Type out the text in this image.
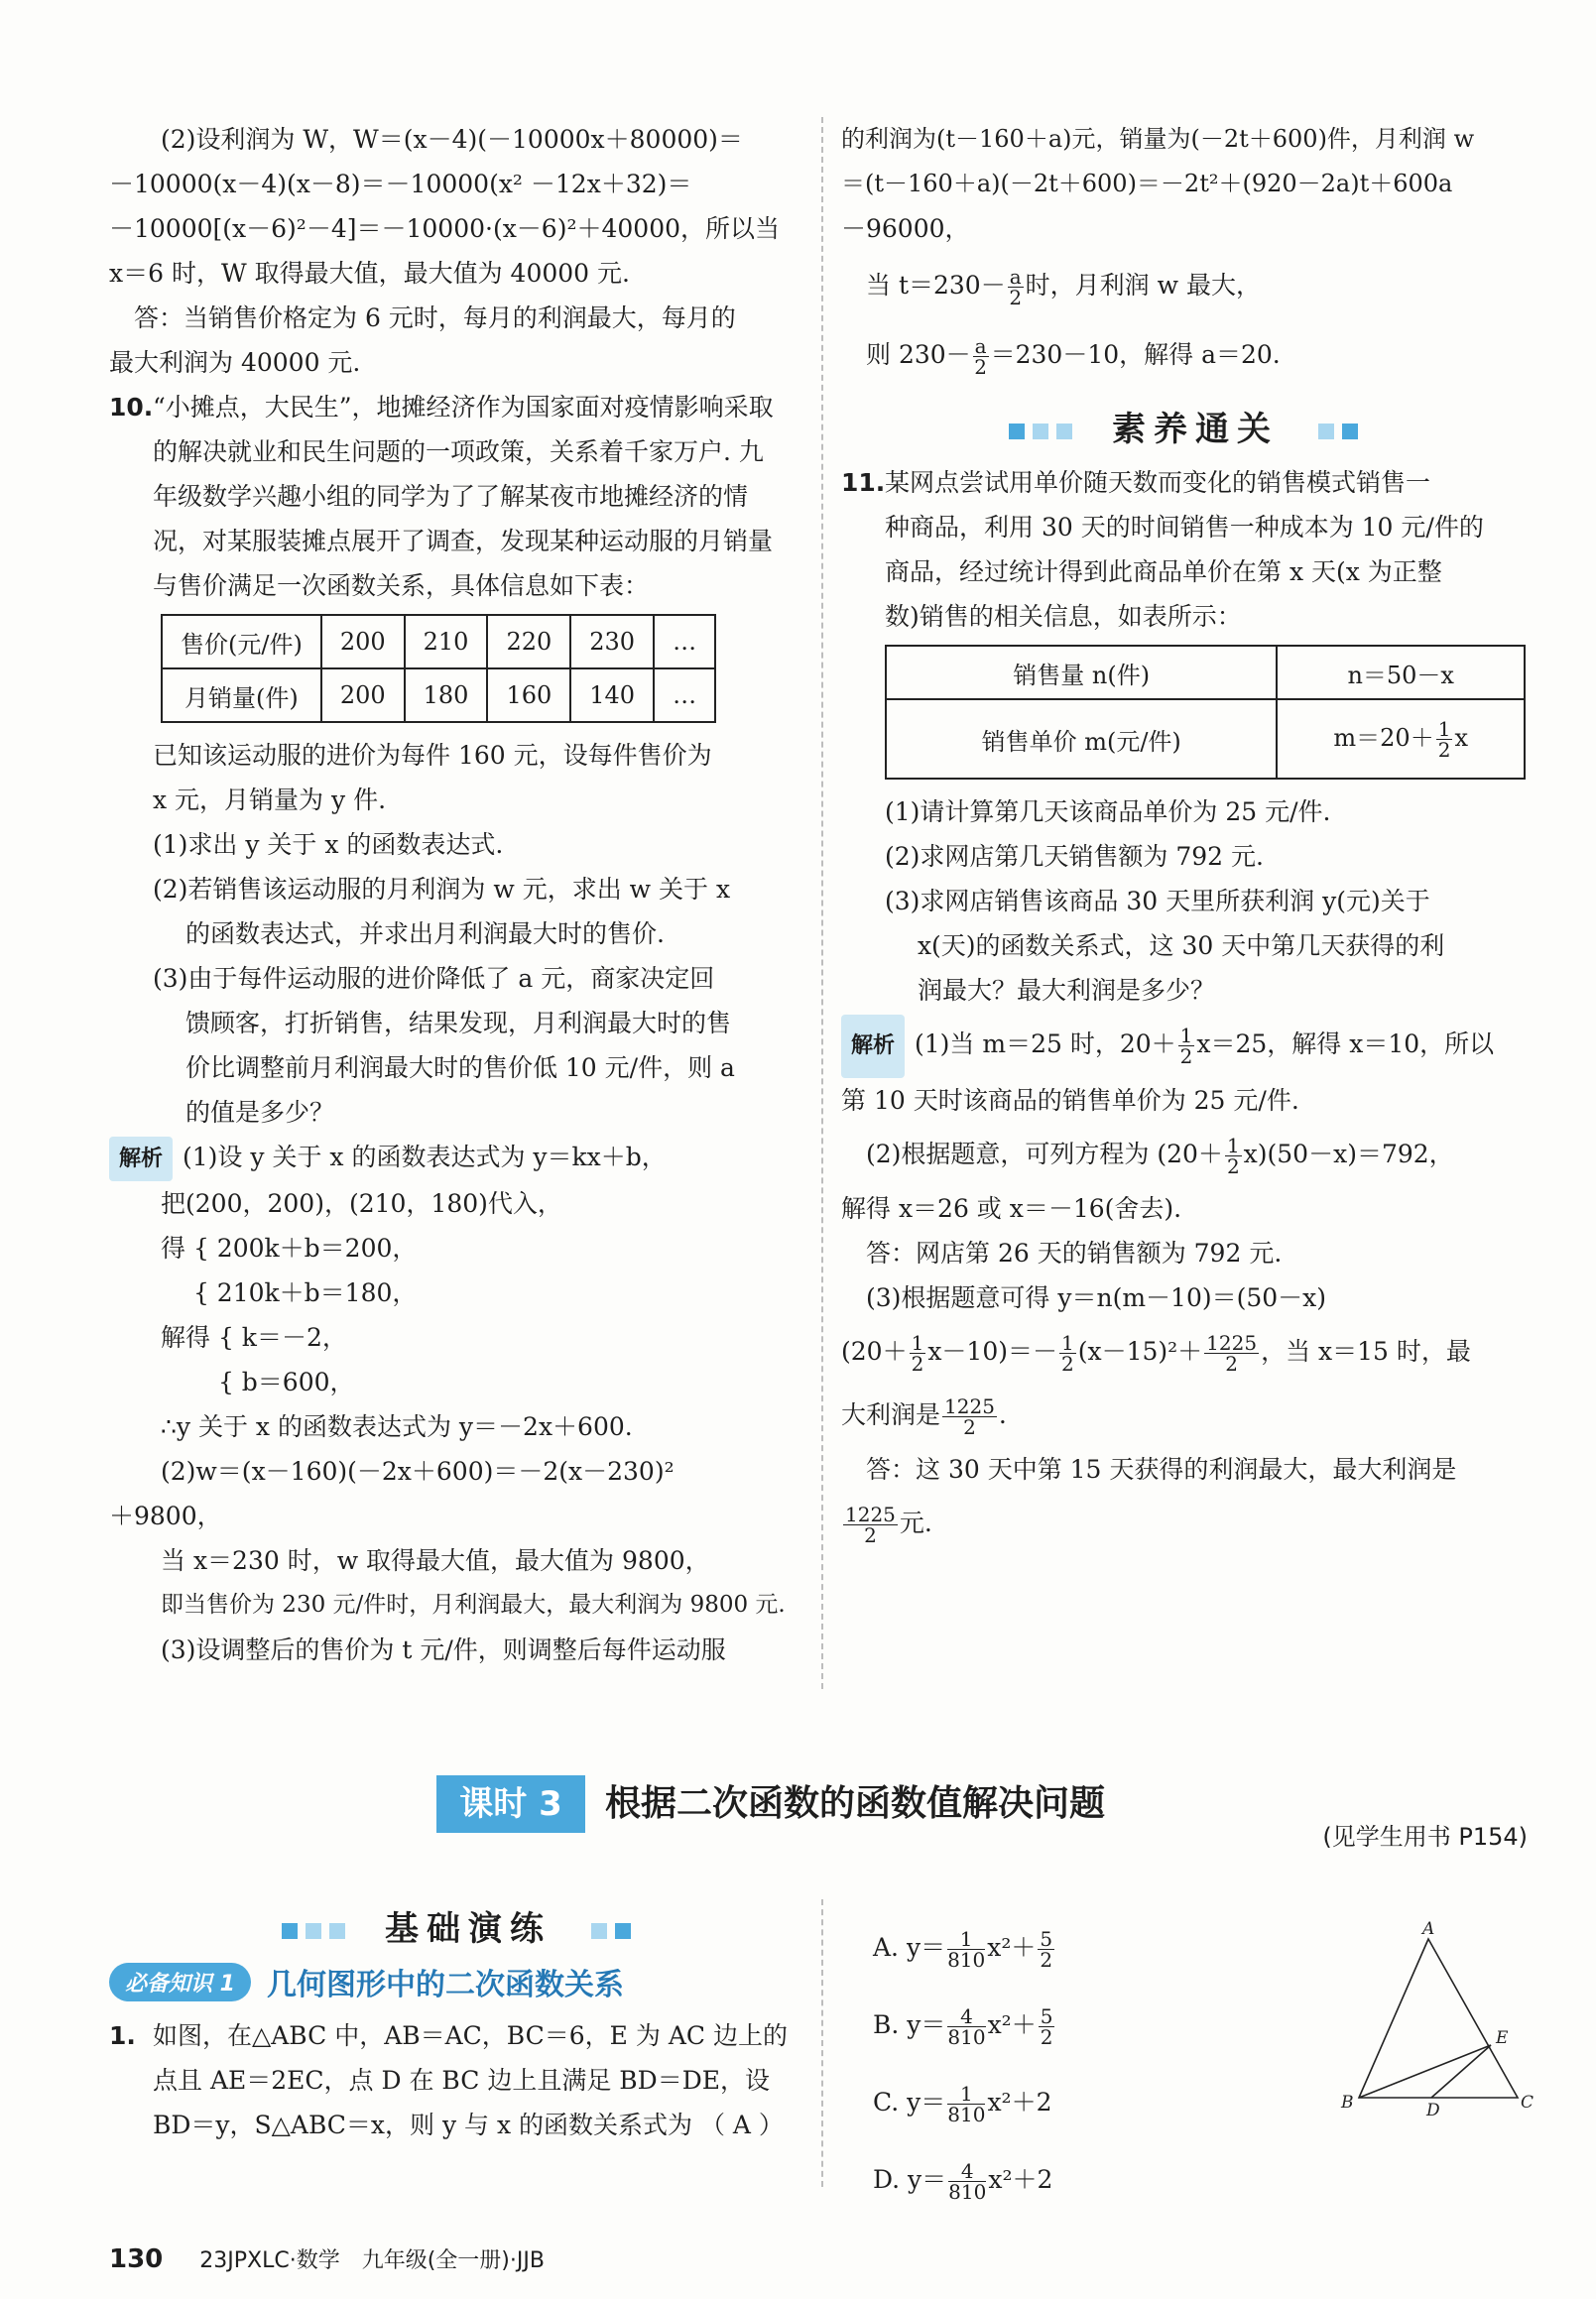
(2)设利润为 W，W＝(x－4)(－10000x＋80000)＝
－10000(x－4)(x－8)＝－10000(x² －12x＋32)＝
－10000[(x－6)²－4]＝－10000·(x－6)²＋40000，所以当
x＝6 时，W 取得最大值，最大值为 40000 元.
　答：当销售价格定为 6 元时，每月的利润最大，每月的
最大利润为 40000 元.
10.“小摊点，大民生”，地摊经济作为国家面对疫情影响采取
的解决就业和民生问题的一项政策，关系着千家万户. 九
年级数学兴趣小组的同学为了了解某夜市地摊经济的情
况，对某服装摊点展开了调查，发现某种运动服的月销量
与售价满足一次函数关系，具体信息如下表：
售价(元/件)	200	210	220	230	…
月销量(件)	200	180	160	140	…
已知该运动服的进价为每件 160 元，设每件售价为
x 元，月销量为 y 件.
(1)求出 y 关于 x 的函数表达式.
(2)若销售该运动服的月利润为 w 元，求出 w 关于 x
　 的函数表达式，并求出月利润最大时的售价.
(3)由于每件运动服的进价降低了 a 元，商家决定回
　 馈顾客，打折销售，结果发现，月利润最大时的售
　 价比调整前月利润最大时的售价低 10 元/件，则 a
　 的值是多少？
解析 (1)设 y 关于 x 的函数表达式为 y＝kx＋b，
把(200，200)，(210，180)代入，
得 { 200k＋b＝200，
　 { 210k＋b＝180，
解得 { k＝－2，
　　 { b＝600，
∴y 关于 x 的函数表达式为 y＝－2x＋600.
(2)w＝(x－160)(－2x＋600)＝－2(x－230)²
＋9800，
当 x＝230 时，w 取得最大值，最大值为 9800，
即当售价为 230 元/件时，月利润最大，最大利润为 9800 元.
(3)设调整后的售价为 t 元/件，则调整后每件运动服
的利润为(t－160＋a)元，销量为(－2t＋600)件，月利润 w
＝(t－160＋a)(－2t＋600)＝－2t²＋(920－2a)t＋600a
－96000，
　当 $t=230- \frac{a}{2}$ 时，月利润 w 最大，
　则 $230- \frac{a}{2} =230-10$，解得 a＝20.
素养通关
11.某网点尝试用单价随天数而变化的销售模式销售一
种商品，利用 30 天的时间销售一种成本为 10 元/件的
商品，经过统计得到此商品单价在第 x 天(x 为正整
数)销售的相关信息，如表所示：
销售量 n(件)	n＝50－x
销售单价 m(元/件)	$m=20+ \frac{1}{2}$ x
(1)请计算第几天该商品单价为 25 元/件.
(2)求网店第几天销售额为 792 元.
(3)求网店销售该商品 30 天里所获利润 y(元)关于
　 x(天)的函数关系式，这 30 天中第几天获得的利
　 润最大？最大利润是多少？
解析 (1)当 m＝25 时，$20+ \frac{1}{2} x=25$，解得 x＝10，所以
第 10 天时该商品的销售单价为 25 元/件.
　(2)根据题意，可列方程为 $(20+ \frac{1}{2} x)(50-x)=792$，
解得 x＝26 或 x＝－16(舍去).
　答：网店第 26 天的销售额为 792 元.
　(3)根据题意可得 y＝n(m－10)＝(50－x)
$(20+ \frac{1}{2} x-10)=- \frac{1}{2} (x-15)^2+ \frac{1225}{2}$ ，当 x＝15 时，最
大利润是 $\frac{1225}{2}$ .
　答：这 30 天中第 15 天获得的利润最大，最大利润是
$\frac{1225}{2}$ 元.
课时 3	根据二次函数的函数值解决问题
(见学生用书 P154)
基础演练
必备知识 1	几何图形中的二次函数关系
1. 如图，在△ABC 中，AB＝AC，BC＝6，E 为 AC 边上的
点且 AE＝2EC，点 D 在 BC 边上且满足 BD＝DE，设
BD＝y，S△ABC＝x，则 y 与 x 的函数关系式为 （ A ）
A. $y= \frac{1}{810} x^2+ \frac{5}{2}$
B. $y= \frac{4}{810} x^2+ \frac{5}{2}$
C. $y= \frac{1}{810} x^2+2$
D. $y= \frac{4}{810} x^2+2$
A
B	C
D
E
130 23JPXLC·数学　九年级(全一册)·JJB
